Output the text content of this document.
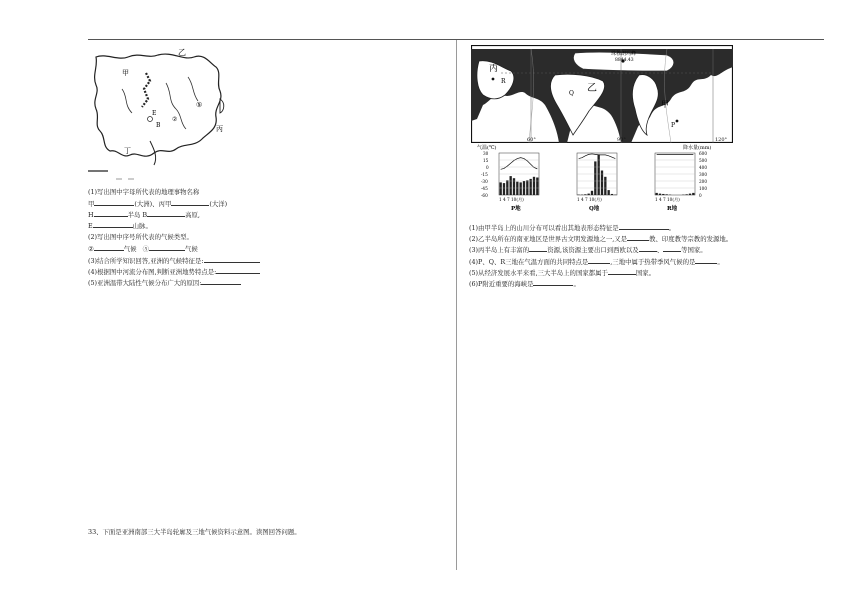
乙
甲
丙
丁
B
E
⑤
②
(1)写出图中字母所代表的地理事物名称
甲	(大洲)、丙甲	(大洋)
H	半岛 B	高原,
E	山脉。
(2)写出图中序号所代表的气候类型。
②	气候 ⑤	气候
(3)结合所学知识回答,亚洲的气候特征是:
(4)根据图中河流分布图,判断亚洲地势特点是:
(5)亚洲温带大陆性气候分布广大的原因:
33、下面是亚洲南部三大半岛轮廓及三地气候资料示意图。读图回答问题。
丙
R
乙
Q
甲
P
珠穆朗玛峰
8844.43
60°	90°	120°
气温(℃)	降水量(mm)
30
15
0
-15
-30
-45
-60
600
500
400
300
200
100
0
1 4 7 10(月)	1 4 7 10(月)	1 4 7 10(月)
P地	Q地	R地
(1)由甲半岛上的山川分布可以看出其地表形态特征是	。
(2)乙半岛所在的南亚地区是世界古文明发源地之一,又是	教、印度教等宗教的发源地。
(3)丙半岛上有丰富的	资源,该资源主要出口到西欧以及	、	等国家。
(4)P、Q、R三地在气温方面的共同特点是	,三地中属于热带季风气候的是	。
(5)从经济发展水平来看,三大半岛上的国家都属于	国家。
(6)P附近重要的海峡是	。
